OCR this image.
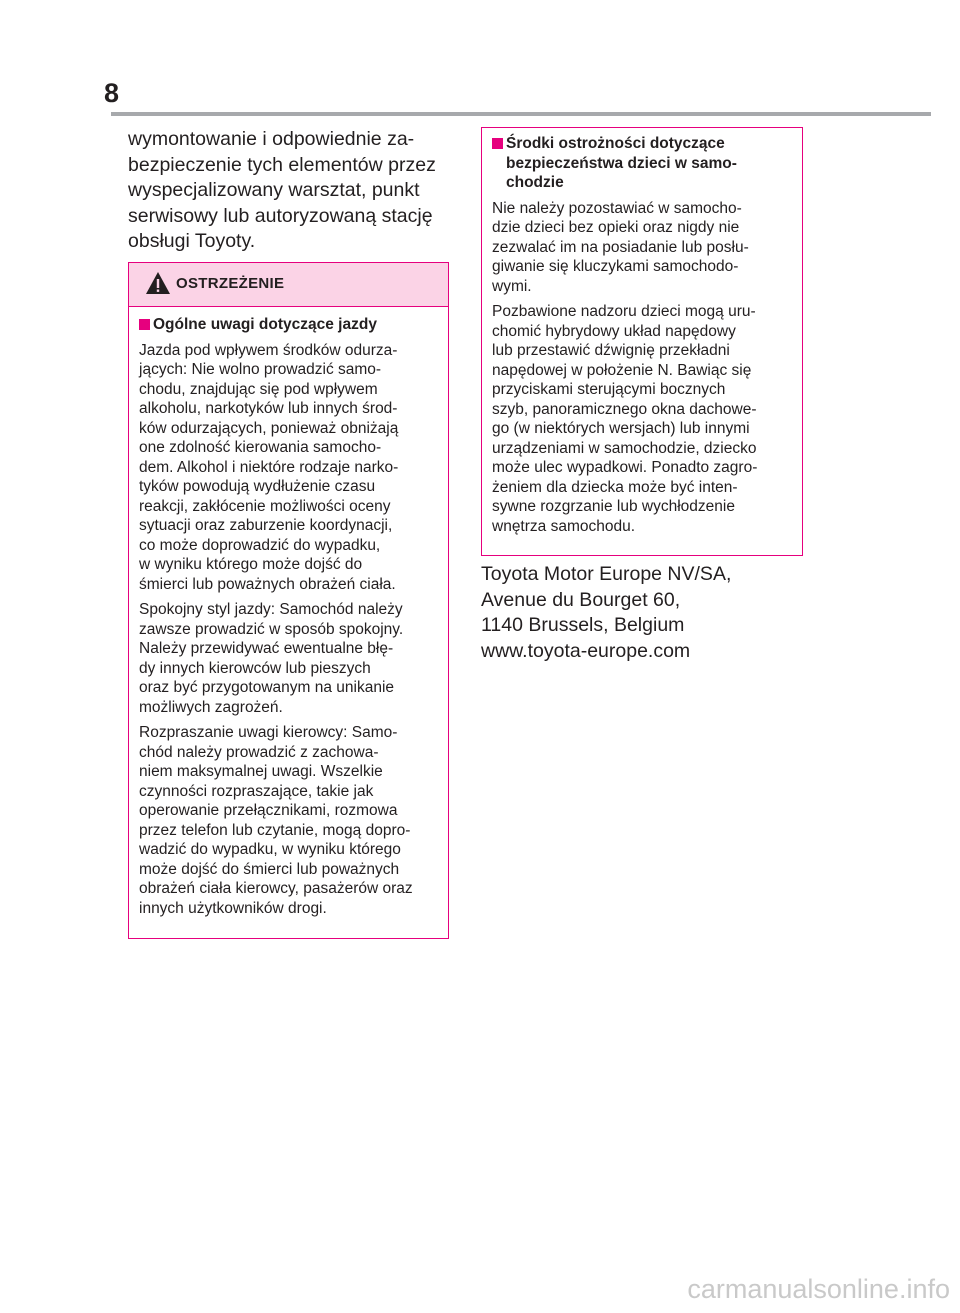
8

wymontowanie i odpowiednie za-
bezpieczenie tych elementów przez
wyspecjalizowany warsztat, punkt
serwisowy lub autoryzowaną stację
obsługi Toyoty.

OSTRZEŻENIE
Ogólne uwagi dotyczące jazdy
Jazda pod wpływem środków odurza-
jących: Nie wolno prowadzić samo-
chodu, znajdując się pod wpływem
alkoholu, narkotyków lub innych środ-
ków odurzających, ponieważ obniżają
one zdolność kierowania samocho-
dem. Alkohol i niektóre rodzaje narko-
tyków powodują wydłużenie czasu
reakcji, zakłócenie możliwości oceny
sytuacji oraz zaburzenie koordynacji,
co może doprowadzić do wypadku,
w wyniku którego może dojść do
śmierci lub poważnych obrażeń ciała.
Spokojny styl jazdy: Samochód należy
zawsze prowadzić w sposób spokojny.
Należy przewidywać ewentualne błę-
dy innych kierowców lub pieszych
oraz być przygotowanym na unikanie
możliwych zagrożeń.
Rozpraszanie uwagi kierowcy: Samo-
chód należy prowadzić z zachowa-
niem maksymalnej uwagi. Wszelkie
czynności rozpraszające, takie jak
operowanie przełącznikami, rozmowa
przez telefon lub czytanie, mogą dopro-
wadzić do wypadku, w wyniku którego
może dojść do śmierci lub poważnych
obrażeń ciała kierowcy, pasażerów oraz
innych użytkowników drogi.
Środki ostrożności dotyczące
bezpieczeństwa dzieci w samo-
chodzie
Nie należy pozostawiać w samocho-
dzie dzieci bez opieki oraz nigdy nie
zezwalać im na posiadanie lub posłu-
giwanie się kluczykami samochodo-
wymi.
Pozbawione nadzoru dzieci mogą uru-
chomić hybrydowy układ napędowy
lub przestawić dźwignię przekładni
napędowej w położenie N. Bawiąc się
przyciskami sterującymi bocznych
szyb, panoramicznego okna dachowe-
go (w niektórych wersjach) lub innymi
urządzeniami w samochodzie, dziecko
może ulec wypadkowi. Ponadto zagro-
żeniem dla dziecka może być inten-
sywne rozgrzanie lub wychłodzenie
wnętrza samochodu.
Toyota Motor Europe NV/SA,
Avenue du Bourget 60,
1140 Brussels, Belgium
www.toyota-europe.com
carmanualsonline.info
